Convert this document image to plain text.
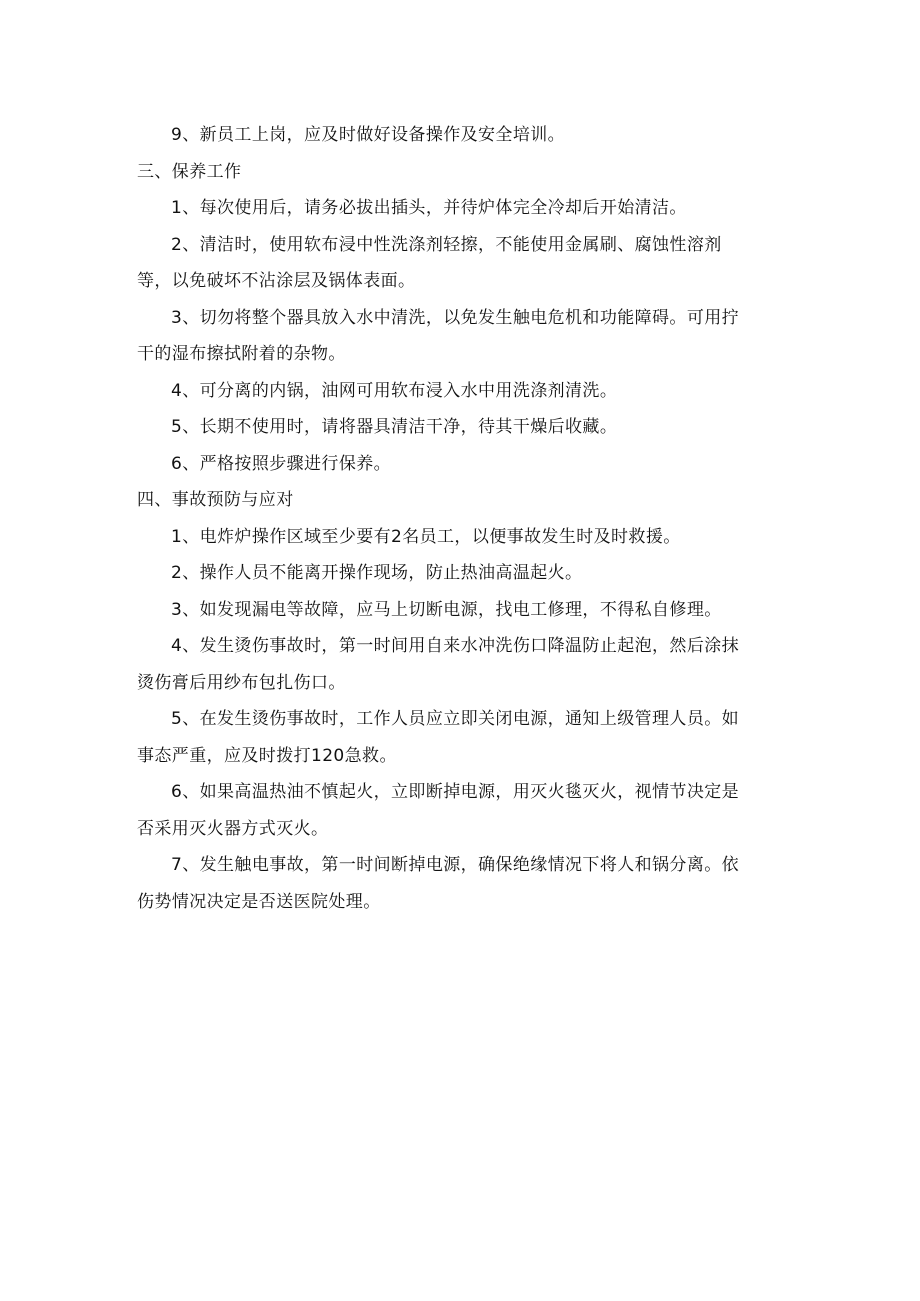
9、新员工上岗，应及时做好设备操作及安全培训。

三、保养工作

1、每次使用后，请务必拔出插头，并待炉体完全冷却后开始清洁。

2、清洁时，使用软布浸中性洗涤剂轻擦，不能使用金属刷、腐蚀性溶剂

等，以免破坏不沾涂层及锅体表面。

3、切勿将整个器具放入水中清洗，以免发生触电危机和功能障碍。可用拧

干的湿布擦拭附着的杂物。

4、可分离的内锅，油网可用软布浸入水中用洗涤剂清洗。

5、长期不使用时，请将器具清洁干净，待其干燥后收藏。

6、严格按照步骤进行保养。

四、事故预防与应对

1、电炸炉操作区域至少要有2名员工，以便事故发生时及时救援。

2、操作人员不能离开操作现场，防止热油高温起火。

3、如发现漏电等故障，应马上切断电源，找电工修理，不得私自修理。

4、发生烫伤事故时，第一时间用自来水冲洗伤口降温防止起泡，然后涂抹

烫伤膏后用纱布包扎伤口。

5、在发生烫伤事故时，工作人员应立即关闭电源，通知上级管理人员。如

事态严重，应及时拨打120急救。

6、如果高温热油不慎起火，立即断掉电源，用灭火毯灭火，视情节决定是

否采用灭火器方式灭火。

7、发生触电事故，第一时间断掉电源，确保绝缘情况下将人和锅分离。依

伤势情况决定是否送医院处理。
